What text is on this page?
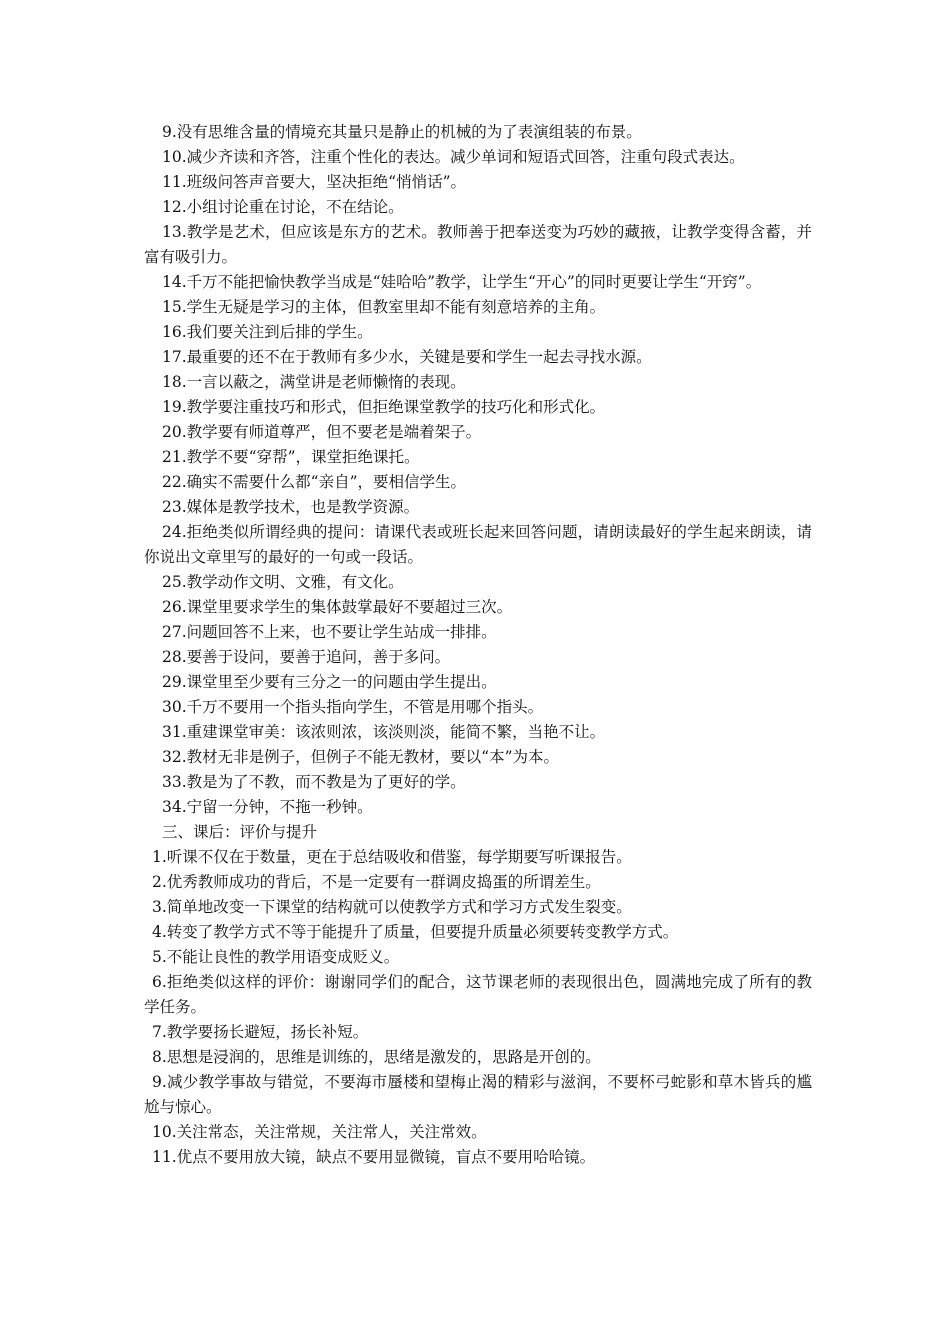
9.没有思维含量的情境充其量只是静止的机械的为了表演组装的布景。

10.减少齐读和齐答，注重个性化的表达。减少单词和短语式回答，注重句段式表达。

11.班级问答声音要大，坚决拒绝“悄悄话”。

12.小组讨论重在讨论，不在结论。

13.教学是艺术，但应该是东方的艺术。教师善于把奉送变为巧妙的藏掖，让教学变得含蓄，并富有吸引力。

14.千万不能把愉快教学当成是“娃哈哈”教学，让学生“开心”的同时更要让学生“开窍”。

15.学生无疑是学习的主体，但教室里却不能有刻意培养的主角。

16.我们要关注到后排的学生。

17.最重要的还不在于教师有多少水，关键是要和学生一起去寻找水源。

18.一言以蔽之，满堂讲是老师懒惰的表现。

19.教学要注重技巧和形式，但拒绝课堂教学的技巧化和形式化。

20.教学要有师道尊严，但不要老是端着架子。

21.教学不要“穿帮”，课堂拒绝课托。

22.确实不需要什么都“亲自”，要相信学生。

23.媒体是教学技术，也是教学资源。

24.拒绝类似所谓经典的提问：请课代表或班长起来回答问题，请朗读最好的学生起来朗读，请你说出文章里写的最好的一句或一段话。

25.教学动作文明、文雅，有文化。

26.课堂里要求学生的集体鼓掌最好不要超过三次。

27.问题回答不上来，也不要让学生站成一排排。

28.要善于设问，要善于追问，善于多问。

29.课堂里至少要有三分之一的问题由学生提出。

30.千万不要用一个指头指向学生，不管是用哪个指头。

31.重建课堂审美：该浓则浓，该淡则淡，能简不繁，当艳不让。

32.教材无非是例子，但例子不能无教材，要以“本”为本。

33.教是为了不教，而不教是为了更好的学。

34.宁留一分钟，不拖一秒钟。

三、课后：评价与提升

1.听课不仅在于数量，更在于总结吸收和借鉴，每学期要写听课报告。

2.优秀教师成功的背后，不是一定要有一群调皮捣蛋的所谓差生。

3.简单地改变一下课堂的结构就可以使教学方式和学习方式发生裂变。

4.转变了教学方式不等于能提升了质量，但要提升质量必须要转变教学方式。

5.不能让良性的教学用语变成贬义。

6.拒绝类似这样的评价：谢谢同学们的配合，这节课老师的表现很出色，圆满地完成了所有的教学任务。

7.教学要扬长避短，扬长补短。

8.思想是浸润的，思维是训练的，思绪是激发的，思路是开创的。

9.减少教学事故与错觉，不要海市蜃楼和望梅止渴的精彩与滋润，不要杯弓蛇影和草木皆兵的尴尬与惊心。

10.关注常态，关注常规，关注常人，关注常效。

11.优点不要用放大镜，缺点不要用显微镜，盲点不要用哈哈镜。
